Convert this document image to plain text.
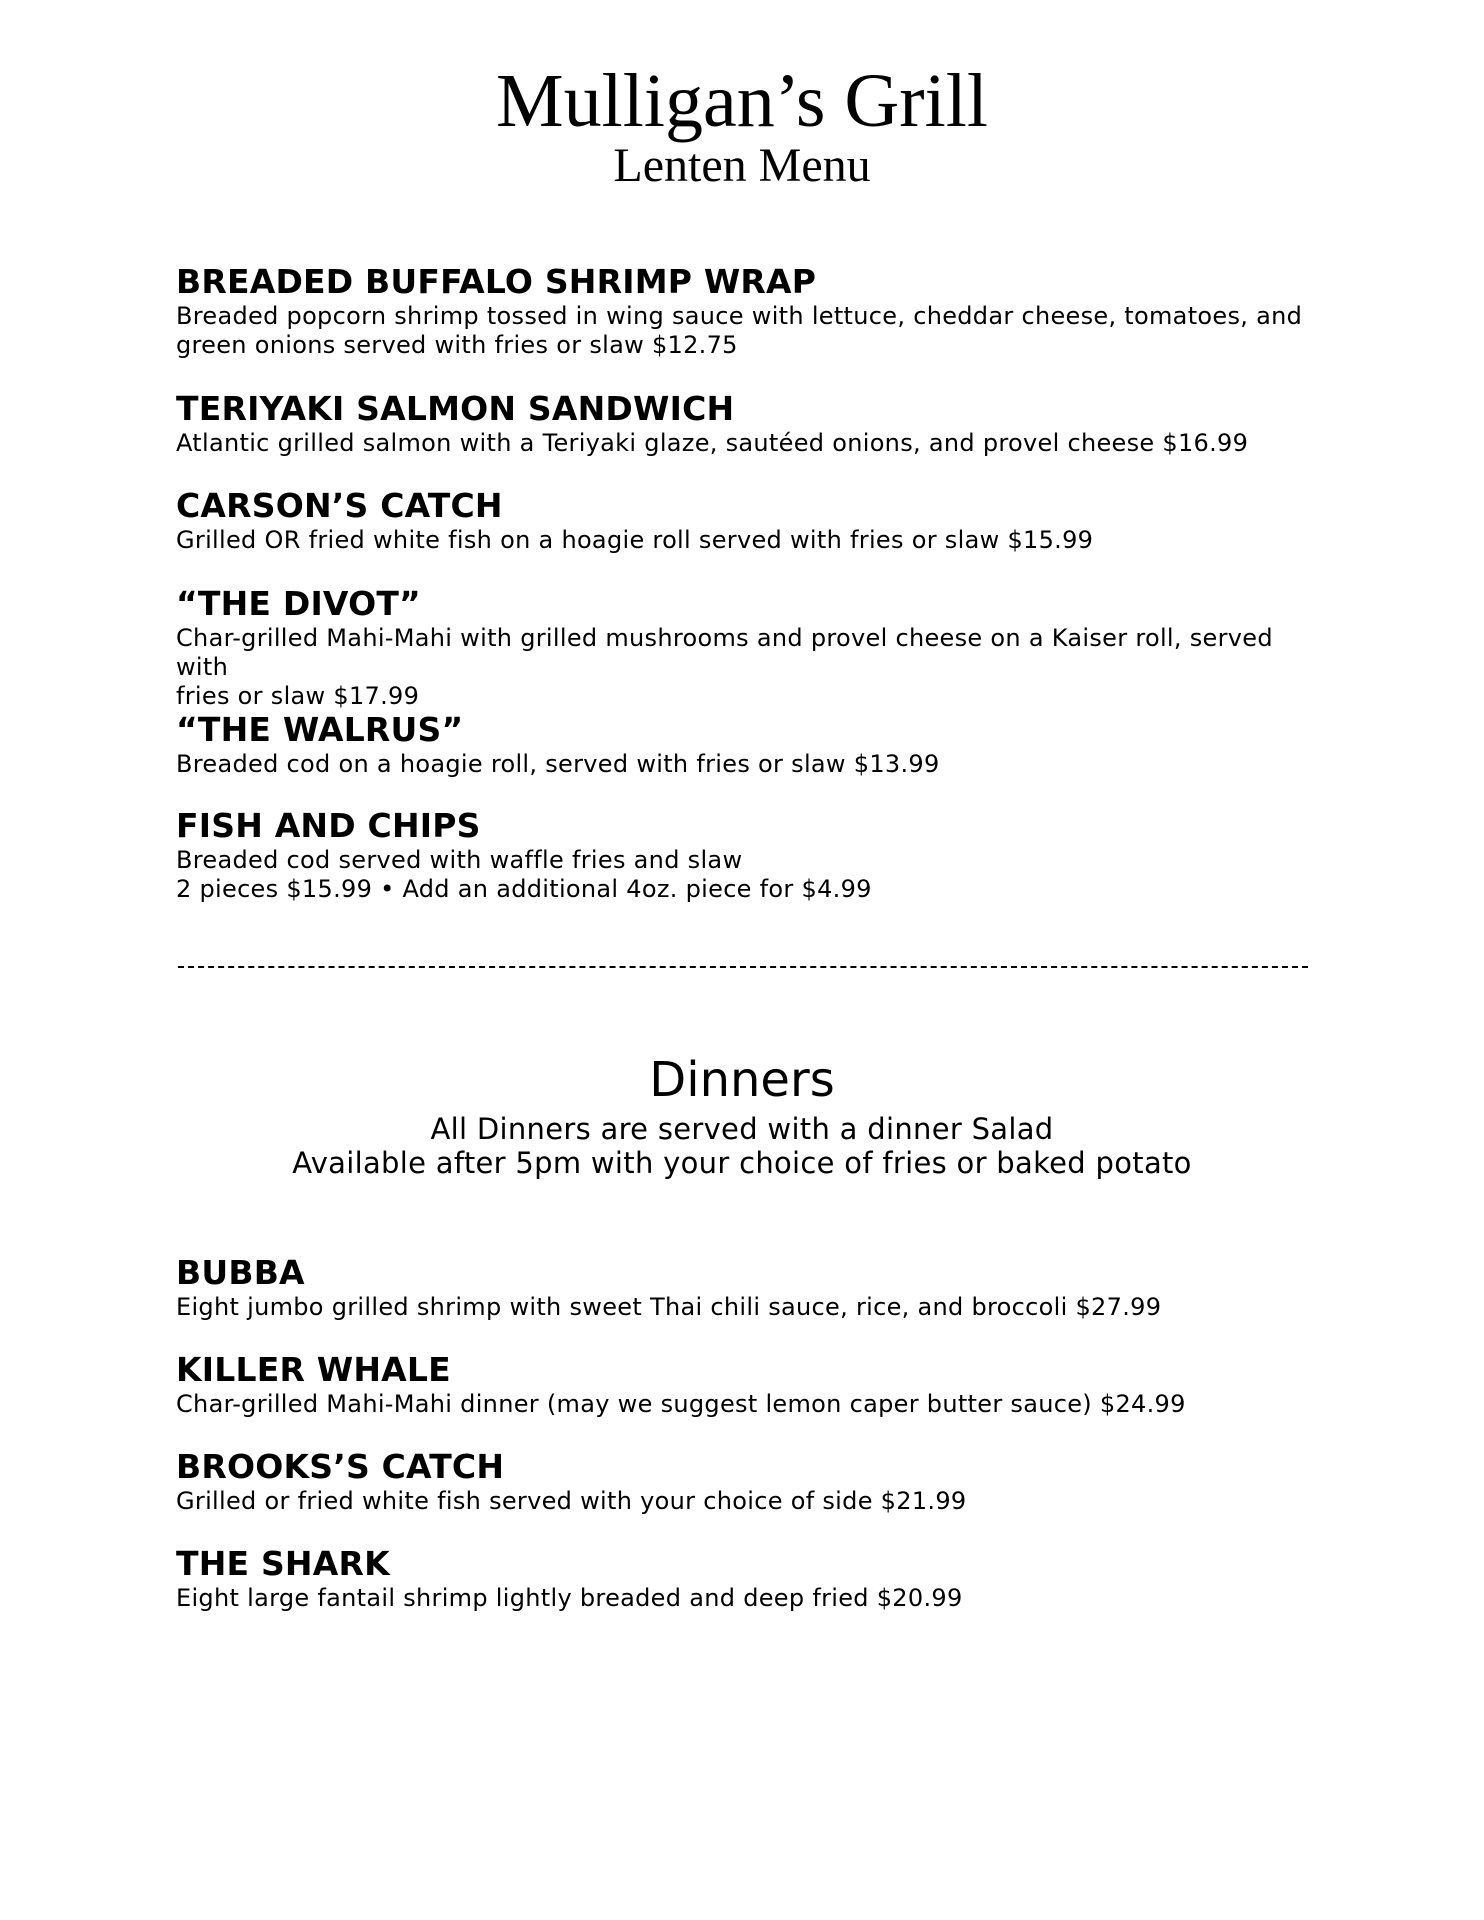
Mulligan’s Grill
Lenten Menu
BREADED BUFFALO SHRIMP WRAP
Breaded popcorn shrimp tossed in wing sauce with lettuce, cheddar cheese, tomatoes, and
green onions served with fries or slaw $12.75
TERIYAKI SALMON SANDWICH
Atlantic grilled salmon with a Teriyaki glaze, sautéed onions, and provel cheese $16.99
CARSON’S CATCH
Grilled OR fried white fish on a hoagie roll served with fries or slaw $15.99
“THE DIVOT”
Char-grilled Mahi-Mahi with grilled mushrooms and provel cheese on a Kaiser roll, served with
fries or slaw $17.99
“THE WALRUS”
Breaded cod on a hoagie roll, served with fries or slaw $13.99
FISH AND CHIPS
Breaded cod served with waffle fries and slaw
2 pieces $15.99 • Add an additional 4oz. piece for $4.99
Dinners
All Dinners are served with a dinner Salad
Available after 5pm with your choice of fries or baked potato
BUBBA
Eight jumbo grilled shrimp with sweet Thai chili sauce, rice, and broccoli $27.99
KILLER WHALE
Char-grilled Mahi-Mahi dinner (may we suggest lemon caper butter sauce) $24.99
BROOKS’S CATCH
Grilled or fried white fish served with your choice of side $21.99
THE SHARK
Eight large fantail shrimp lightly breaded and deep fried $20.99
